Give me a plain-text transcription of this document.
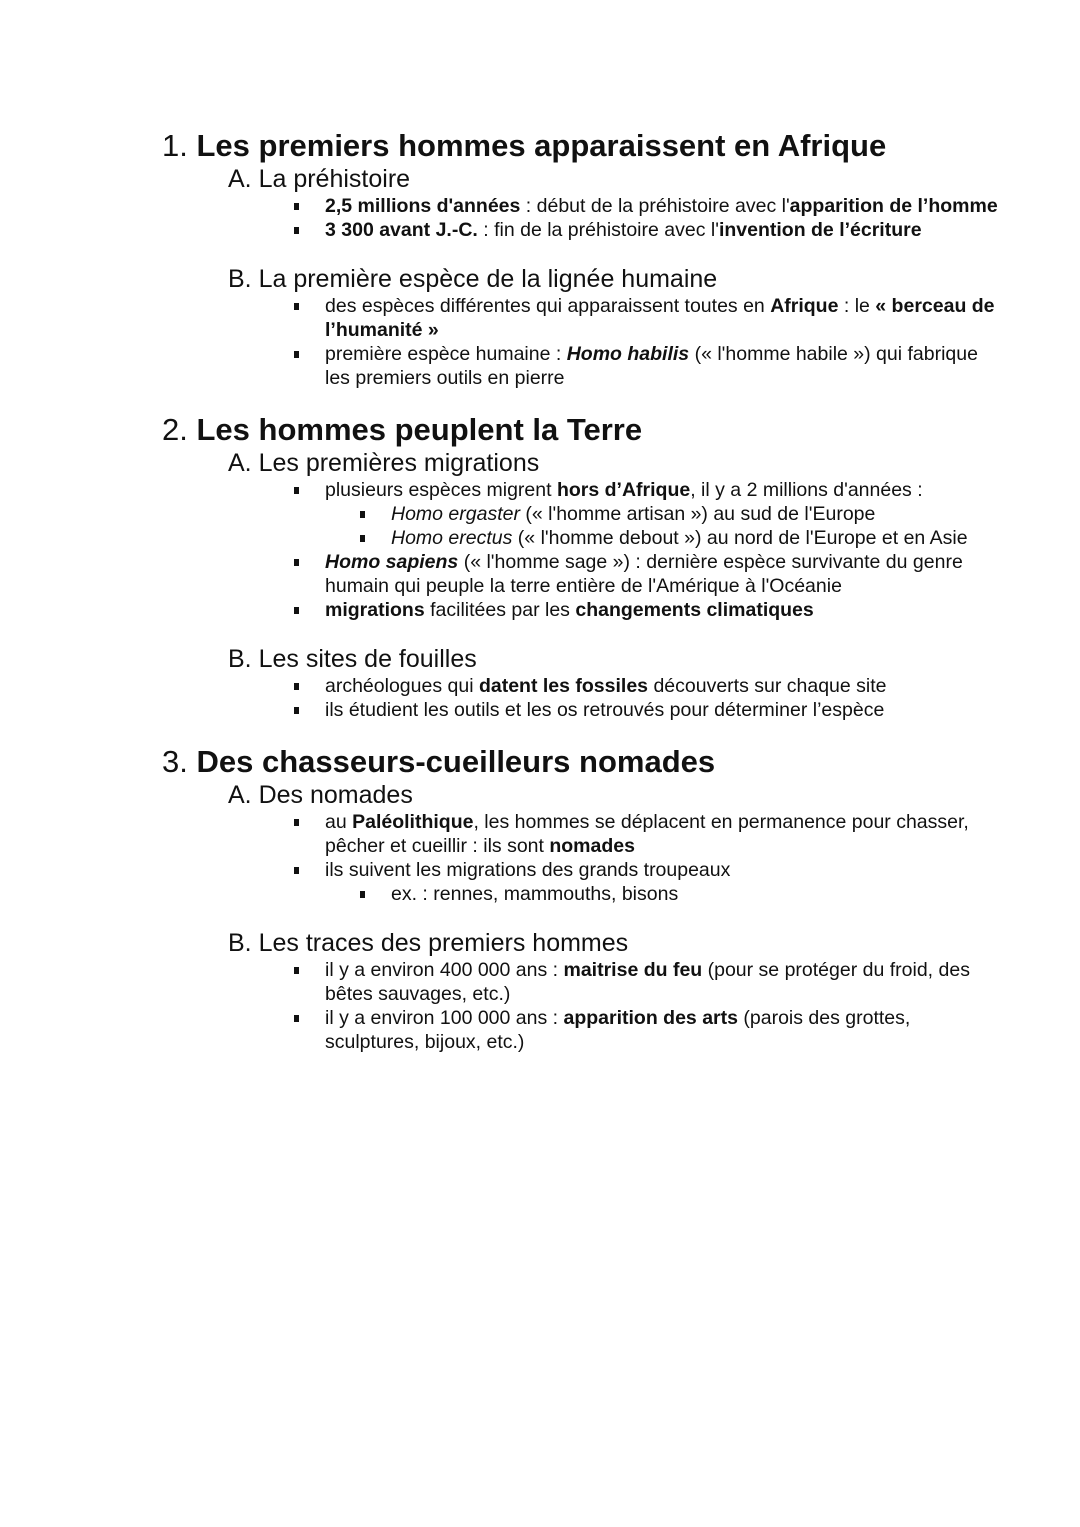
1. Les premiers hommes apparaissent en Afrique
A. La préhistoire
2,5 millions d'années : début de la préhistoire avec l'apparition de l’homme
3 300 avant J.-C. : fin de la préhistoire avec l'invention de l’écriture
B. La première espèce de la lignée humaine
des espèces différentes qui apparaissent toutes en Afrique : le « berceau de l’humanité »
première espèce humaine : Homo habilis (« l'homme habile ») qui fabrique les premiers outils en pierre
2. Les hommes peuplent la Terre
A. Les premières migrations
plusieurs espèces migrent hors d’Afrique, il y a 2 millions d'années :
Homo ergaster (« l'homme artisan ») au sud de l'Europe
Homo erectus (« l'homme debout ») au nord de l'Europe et en Asie
Homo sapiens (« l'homme sage ») : dernière espèce survivante du genre humain qui peuple la terre entière de l'Amérique à l'Océanie
migrations facilitées par les changements climatiques
B. Les sites de fouilles
archéologues qui datent les fossiles découverts sur chaque site
ils étudient les outils et les os retrouvés pour déterminer l’espèce
3. Des chasseurs-cueilleurs nomades
A. Des nomades
au Paléolithique, les hommes se déplacent en permanence pour chasser, pêcher et cueillir : ils sont nomades
ils suivent les migrations des grands troupeaux
ex. : rennes, mammouths, bisons
B. Les traces des premiers hommes
il y a environ 400 000 ans : maitrise du feu (pour se protéger du froid, des bêtes sauvages, etc.)
il y a environ 100 000 ans : apparition des arts (parois des grottes, sculptures, bijoux, etc.)
